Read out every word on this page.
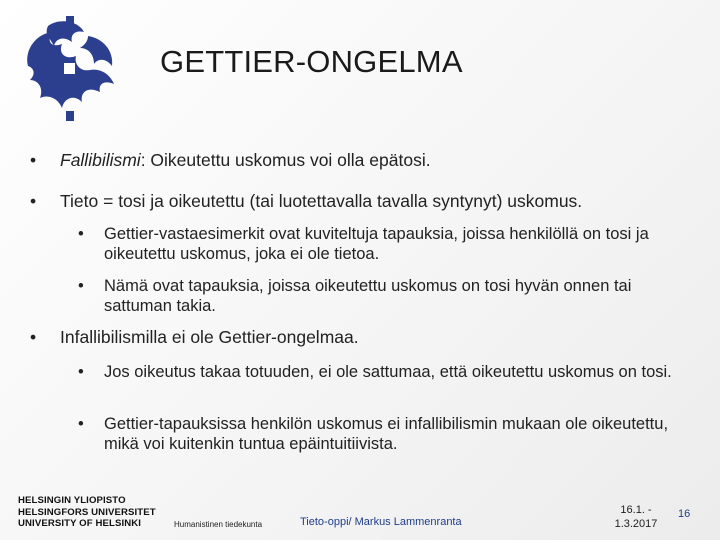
GETTIER-ONGELMA
• Fallibilismi: Oikeutettu uskomus voi olla epätosi.
• Tieto = tosi ja oikeutettu (tai luotettavalla tavalla syntynyt) uskomus.
• Gettier-vastaesimerkit ovat kuviteltuja tapauksia, joissa henkilöllä on tosi ja oikeutettu uskomus, joka ei ole tietoa.
• Nämä ovat tapauksia, joissa oikeutettu uskomus on tosi hyvän onnen tai sattuman takia.
• Infallibilismilla ei ole Gettier-ongelmaa.
• Jos oikeutus takaa totuuden, ei ole sattumaa, että oikeutettu uskomus on tosi.
• Gettier-tapauksissa henkilön uskomus ei infallibilismin mukaan ole oikeutettu, mikä voi kuitenkin tuntua epäintuitiivista.
HELSINGIN YLIOPISTO
HELSINGFORS UNIVERSITET
UNIVERSITY OF HELSINKI	Humanistinen tiedekunta	Tieto-oppi/ Markus Lammenranta
16.1. -
1.3.2017
16
